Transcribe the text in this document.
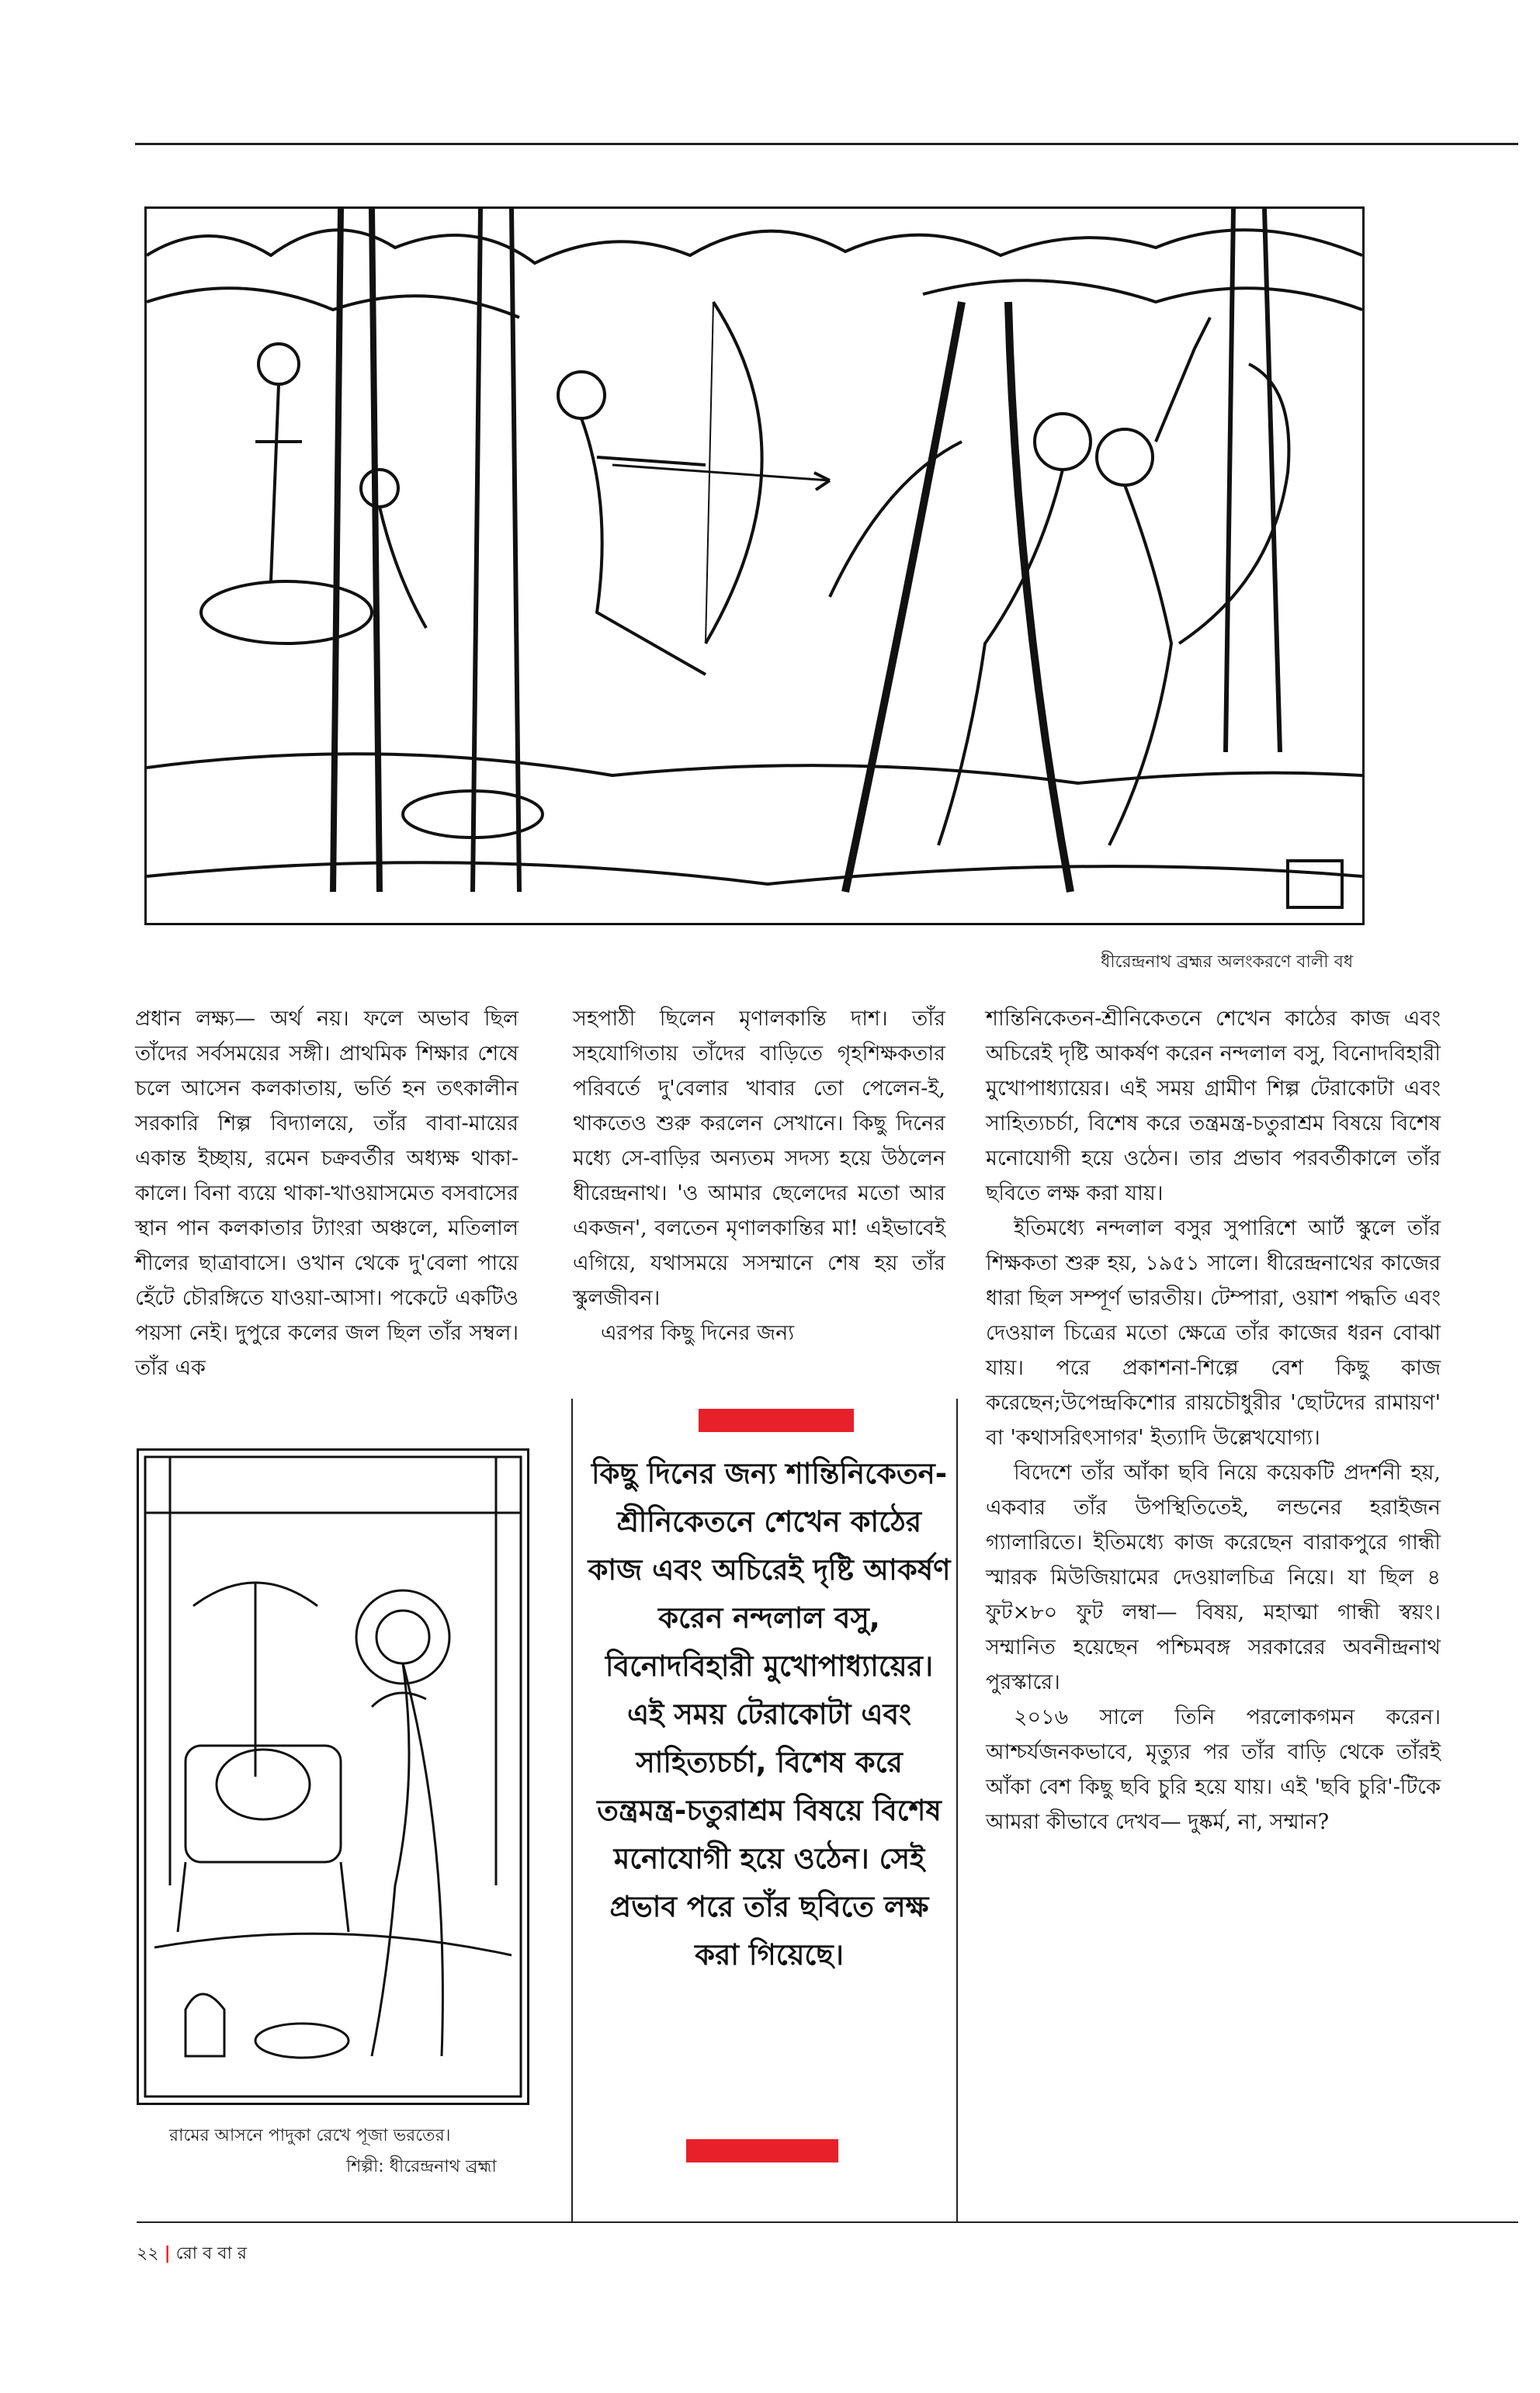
ধীরেন্দ্রনাথ ব্রহ্মর অলংকরণে বালী বধ

প্রধান লক্ষ্য— অর্থ নয়। ফলে অভাব ছিল তাঁদের সর্বসময়ের সঙ্গী। প্রাথমিক শিক্ষার শেষে চলে আসেন কলকাতায়, ভর্তি হন তৎকালীন সরকারি শিল্প বিদ্যালয়ে, তাঁর বাবা-মায়ের একান্ত ইচ্ছায়, রমেন চক্রবর্তীর অধ্যক্ষ থাকা-কালে। বিনা ব্যয়ে থাকা-খাওয়াসমেত বসবাসের স্থান পান কলকাতার ট্যাংরা অঞ্চলে, মতিলাল শীলের ছাত্রাবাসে। ওখান থেকে দু'বেলা পায়ে হেঁটে চৌরঙ্গিতে যাওয়া-আসা। পকেটে একটিও পয়সা নেই। দুপুরে কলের জল ছিল তাঁর সম্বল। তাঁর এক

রামের আসনে পাদুকা রেখে পূজা ভরতের।
শিল্পী: ধীরেন্দ্রনাথ ব্রহ্মা

সহপাঠী ছিলেন মৃণালকান্তি দাশ। তাঁর সহযোগিতায় তাঁদের বাড়িতে গৃহশিক্ষকতার পরিবর্তে দু'বেলার খাবার তো পেলেন-ই, থাকতেও শুরু করলেন সেখানে। কিছু দিনের মধ্যে সে-বাড়ির অন্যতম সদস্য হয়ে উঠলেন ধীরেন্দ্রনাথ। 'ও আমার ছেলেদের মতো আর একজন', বলতেন মৃণালকান্তির মা! এইভাবেই এগিয়ে, যথাসময়ে সসম্মানে শেষ হয় তাঁর স্কুলজীবন।

এরপর কিছু দিনের জন্য

কিছু দিনের জন্য শান্তিনিকেতন-শ্রীনিকেতনে শেখেন কাঠের কাজ এবং অচিরেই দৃষ্টি আকর্ষণ করেন নন্দলাল বসু, বিনোদবিহারী মুখোপাধ্যায়ের। এই সময় টেরাকোটা এবং সাহিত্যচর্চা, বিশেষ করে তন্ত্রমন্ত্র-চতুরাশ্রম বিষয়ে বিশেষ মনোযোগী হয়ে ওঠেন। সেই প্রভাব পরে তাঁর ছবিতে লক্ষ করা গিয়েছে।

শান্তিনিকেতন-শ্রীনিকেতনে শেখেন কাঠের কাজ এবং অচিরেই দৃষ্টি আকর্ষণ করেন নন্দলাল বসু, বিনোদবিহারী মুখোপাধ্যায়ের। এই সময় গ্রামীণ শিল্প টেরাকোটা এবং সাহিত্যচর্চা, বিশেষ করে তন্ত্রমন্ত্র-চতুরাশ্রম বিষয়ে বিশেষ মনোযোগী হয়ে ওঠেন। তার প্রভাব পরবর্তীকালে তাঁর ছবিতে লক্ষ করা যায়।

ইতিমধ্যে নন্দলাল বসুর সুপারিশে আর্ট স্কুলে তাঁর শিক্ষকতা শুরু হয়, ১৯৫১ সালে। ধীরেন্দ্রনাথের কাজের ধারা ছিল সম্পূর্ণ ভারতীয়। টেম্পারা, ওয়াশ পদ্ধতি এবং দেওয়াল চিত্রের মতো ক্ষেত্রে তাঁর কাজের ধরন বোঝা যায়। পরে প্রকাশনা-শিল্পে বেশ কিছু কাজ করেছেন;উপেন্দ্রকিশোর রায়চৌধুরীর 'ছোটদের রামায়ণ' বা 'কথাসরিৎসাগর' ইত্যাদি উল্লেখযোগ্য।

বিদেশে তাঁর আঁকা ছবি নিয়ে কয়েকটি প্রদর্শনী হয়, একবার তাঁর উপস্থিতিতেই, লন্ডনের হরাইজন গ্যালারিতে। ইতিমধ্যে কাজ করেছেন বারাকপুরে গান্ধী স্মারক মিউজিয়ামের দেওয়ালচিত্র নিয়ে। যা ছিল ৪ ফুট×৮০ ফুট লম্বা— বিষয়, মহাত্মা গান্ধী স্বয়ং। সম্মানিত হয়েছেন পশ্চিমবঙ্গ সরকারের অবনীন্দ্রনাথ পুরস্কারে।

২০১৬ সালে তিনি পরলোকগমন করেন। আশ্চর্যজনকভাবে, মৃত্যুর পর তাঁর বাড়ি থেকে তাঁরই আঁকা বেশ কিছু ছবি চুরি হয়ে যায়। এই 'ছবি চুরি'-টিকে আমরা কীভাবে দেখব— দুষ্কর্ম, না, সম্মান?

২২ | রো ব বা র
